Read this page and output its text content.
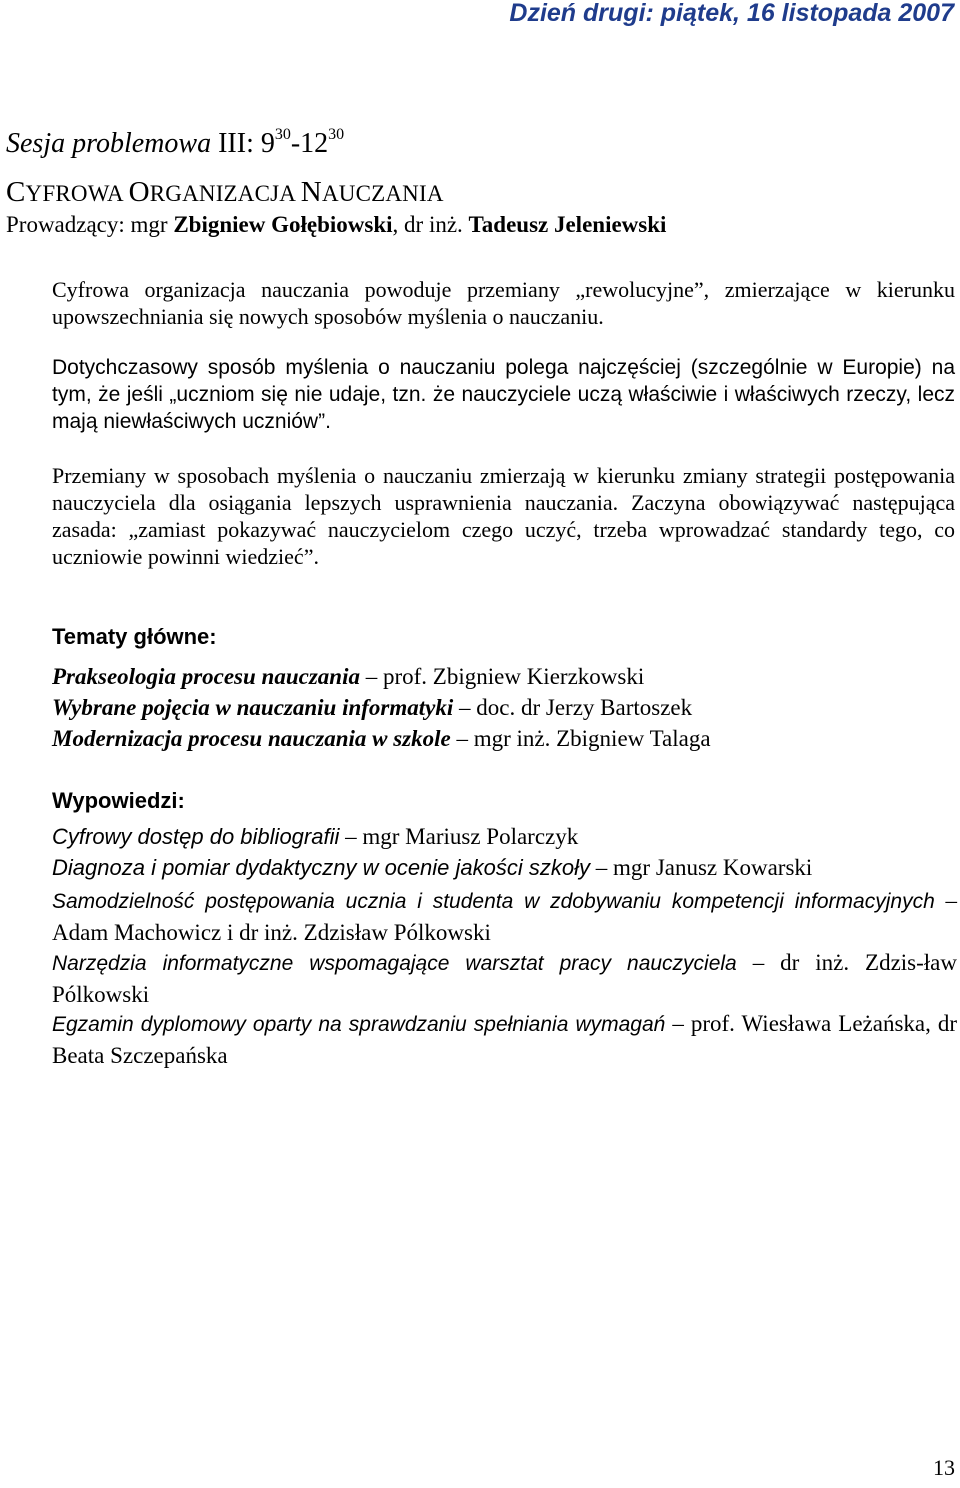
Dzień drugi: piątek, 16 listopada 2007
Sesja problemowa III: $9^{30}-12^{30}$
CYFROWA ORGANIZACJA NAUCZANIA
Prowadzący: mgr Zbigniew Gołębiowski, dr inż. Tadeusz Jeleniewski

Cyfrowa organizacja nauczania powoduje przemiany „rewolucyjne”, zmierzające w kierunku upowszechniania się nowych sposobów myślenia o nauczaniu.

Dotychczasowy sposób myślenia o nauczaniu polega najczęściej (szczególnie w Europie) na tym, że jeśli „uczniom się nie udaje, tzn. że nauczyciele uczą właściwie i właściwych rzeczy, lecz mają niewłaściwych uczniów”.

Przemiany w sposobach myślenia o nauczaniu zmierzają w kierunku zmiany strategii postępowania nauczyciela dla osiągania lepszych usprawnienia nauczania. Zaczyna obowiązywać następująca zasada: „zamiast pokazywać nauczycielom czego uczyć, trzeba wprowadzać standardy tego, co uczniowie powinni wiedzieć”.

Tematy główne:
Prakseologia procesu nauczania – prof. Zbigniew Kierzkowski
Wybrane pojęcia w nauczaniu informatyki – doc. dr Jerzy Bartoszek
Modernizacja procesu nauczania w szkole – mgr inż. Zbigniew Talaga
Wypowiedzi:
Cyfrowy dostęp do bibliografii – mgr Mariusz Polarczyk
Diagnoza i pomiar dydaktyczny w ocenie jakości szkoły – mgr Janusz Kowarski

Samodzielność postępowania ucznia i studenta w zdobywaniu kompetencji informacyjnych – Adam Machowicz i dr inż. Zdzisław Pólkowski

Narzędzia informatyczne wspomagające warsztat pracy nauczyciela – dr inż. Zdzis-ław Pólkowski

Egzamin dyplomowy oparty na sprawdzaniu spełniania wymagań – prof. Wiesława Leżańska, dr Beata Szczepańska

13
